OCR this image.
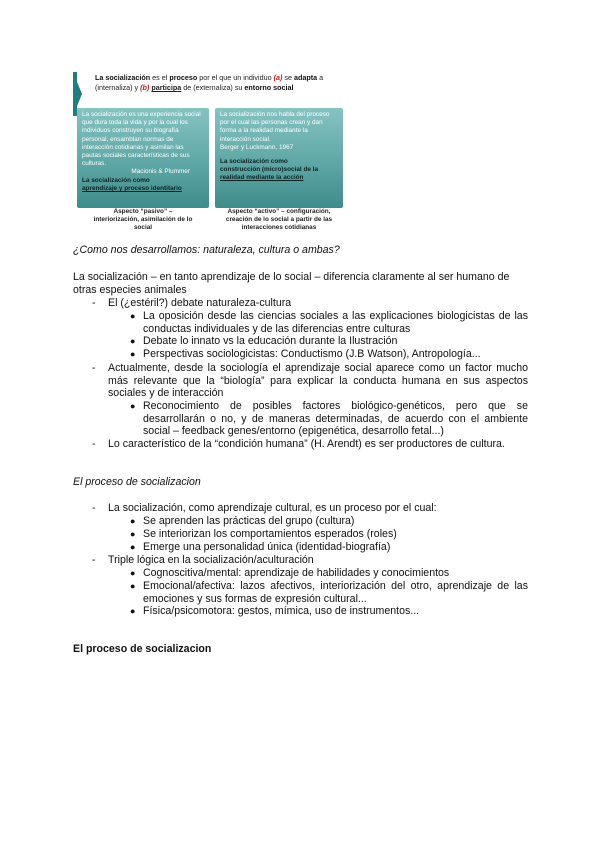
La socialización es el proceso por el que un individuo (a) se adapta a (internaliza) y (b) participa de (externaliza) su entorno social
La socialización es una experiencia social que dura toda la vida y por la cual los individuos construyen su biografía personal, ensamblan normas de interacción cotidianas y asimilan las pautas sociales características de sus culturas.
Macionis & Plummer
La socialización como
aprendizaje y proceso identitario
La socialización nos habla del proceso por el cual las personas crean y dan forma a la realidad mediante la interacción social.
Berger y Luckmann, 1967
La socialización como
construcción (micro)social de la
realidad mediante la acción
Aspecto “pasivo” –
interiorización, asimilación de lo
social
Aspecto “activo” – configuración,
creación de lo social a partir de las
interacciones cotidianas
¿Como nos desarrollamos: naturaleza, cultura o ambas?
La socialización – en tanto aprendizaje de lo social – diferencia claramente al ser humano de otras especies animales
- El (¿estéril?) debate naturaleza-cultura
● La oposición desde las ciencias sociales a las explicaciones biologicistas de las conductas individuales y de las diferencias entre culturas
● Debate lo innato vs la educación durante la Ilustración
● Perspectivas sociologicistas: Conductismo (J.B Watson), Antropología...
- Actualmente, desde la sociología el aprendizaje social aparece como un factor mucho más relevante que la “biología” para explicar la conducta humana en sus aspectos sociales y de interacción
● Reconocimiento de posibles factores biológico-genéticos, pero que se desarrollarán o no, y de maneras determinadas, de acuerdo con el ambiente social – feedback genes/entorno (epigenética, desarrollo fetal...)
- Lo característico de la “condición humana” (H. Arendt) es ser productores de cultura.
El proceso de socializacion
- La socialización, como aprendizaje cultural, es un proceso por el cual:
● Se aprenden las prácticas del grupo (cultura)
● Se interiorizan los comportamientos esperados (roles)
● Emerge una personalidad única (identidad-biografía)
- Triple lógica en la socialización/aculturación
● Cognoscitiva/mental: aprendizaje de habilidades y conocimientos
● Emocional/afectiva: lazos afectivos, interiorización del otro, aprendizaje de las emociones y sus formas de expresión cultural...
● Física/psicomotora: gestos, mímica, uso de instrumentos...
El proceso de socializacion
